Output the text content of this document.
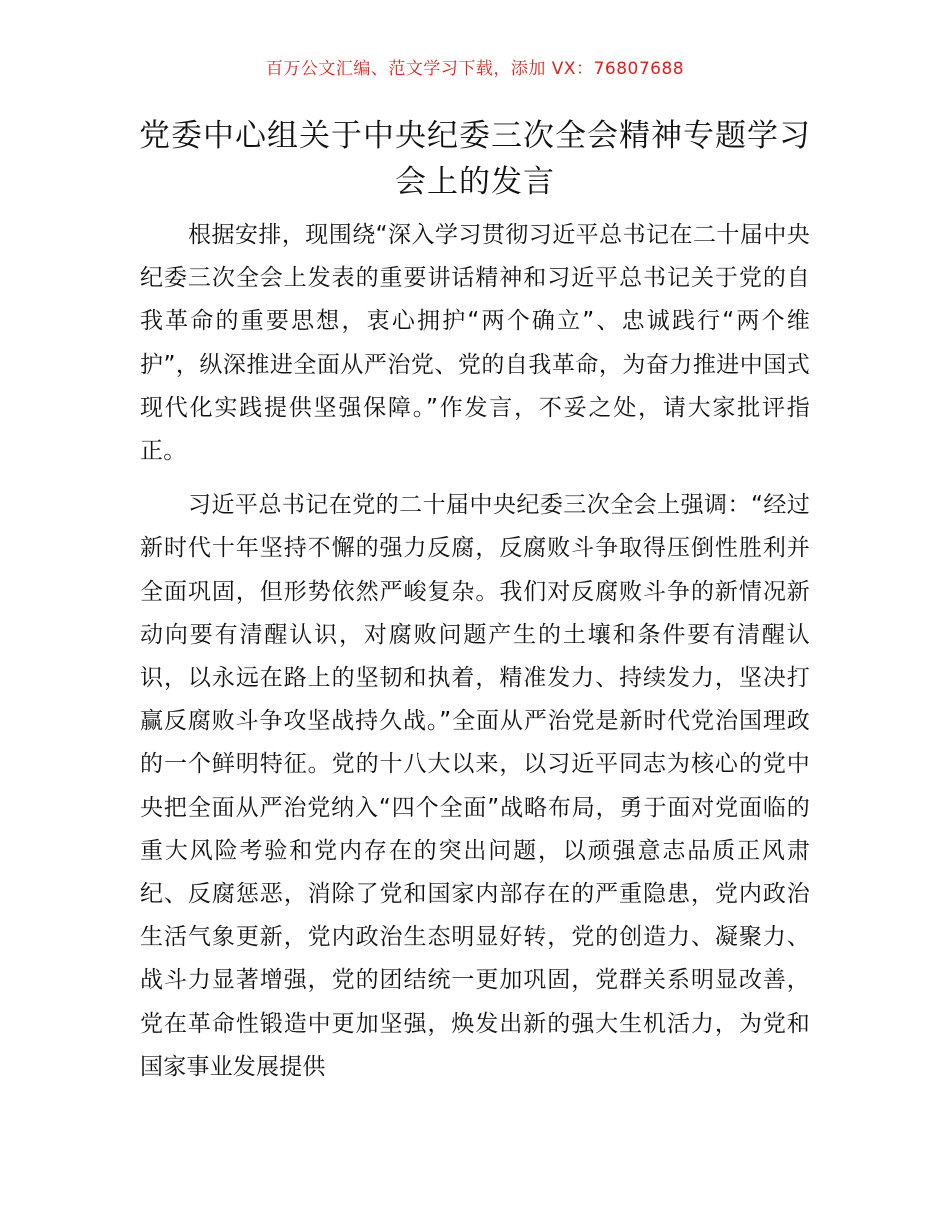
百万公文汇编、范文学习下载，添加 VX：76807688
党委中心组关于中央纪委三次全会精神专题学习会上的发言

根据安排，现围绕“深入学习贯彻习近平总书记在二十届中央纪委三次全会上发表的重要讲话精神和习近平总书记关于党的自我革命的重要思想，衷心拥护“两个确立”、忠诚践行“两个维护”，纵深推进全面从严治党、党的自我革命，为奋力推进中国式现代化实践提供坚强保障。”作发言，不妥之处，请大家批评指正。

习近平总书记在党的二十届中央纪委三次全会上强调：“经过新时代十年坚持不懈的强力反腐，反腐败斗争取得压倒性胜利并全面巩固，但形势依然严峻复杂。我们对反腐败斗争的新情况新动向要有清醒认识，对腐败问题产生的土壤和条件要有清醒认识，以永远在路上的坚韧和执着，精准发力、持续发力，坚决打赢反腐败斗争攻坚战持久战。”全面从严治党是新时代党治国理政的一个鲜明特征。党的十八大以来，以习近平同志为核心的党中央把全面从严治党纳入“四个全面”战略布局，勇于面对党面临的重大风险考验和党内存在的突出问题，以顽强意志品质正风肃纪、反腐惩恶，消除了党和国家内部存在的严重隐患，党内政治生活气象更新，党内政治生态明显好转，党的创造力、凝聚力、战斗力显著增强，党的团结统一更加巩固，党群关系明显改善，党在革命性锻造中更加坚强，焕发出新的强大生机活力，为党和国家事业发展提供
